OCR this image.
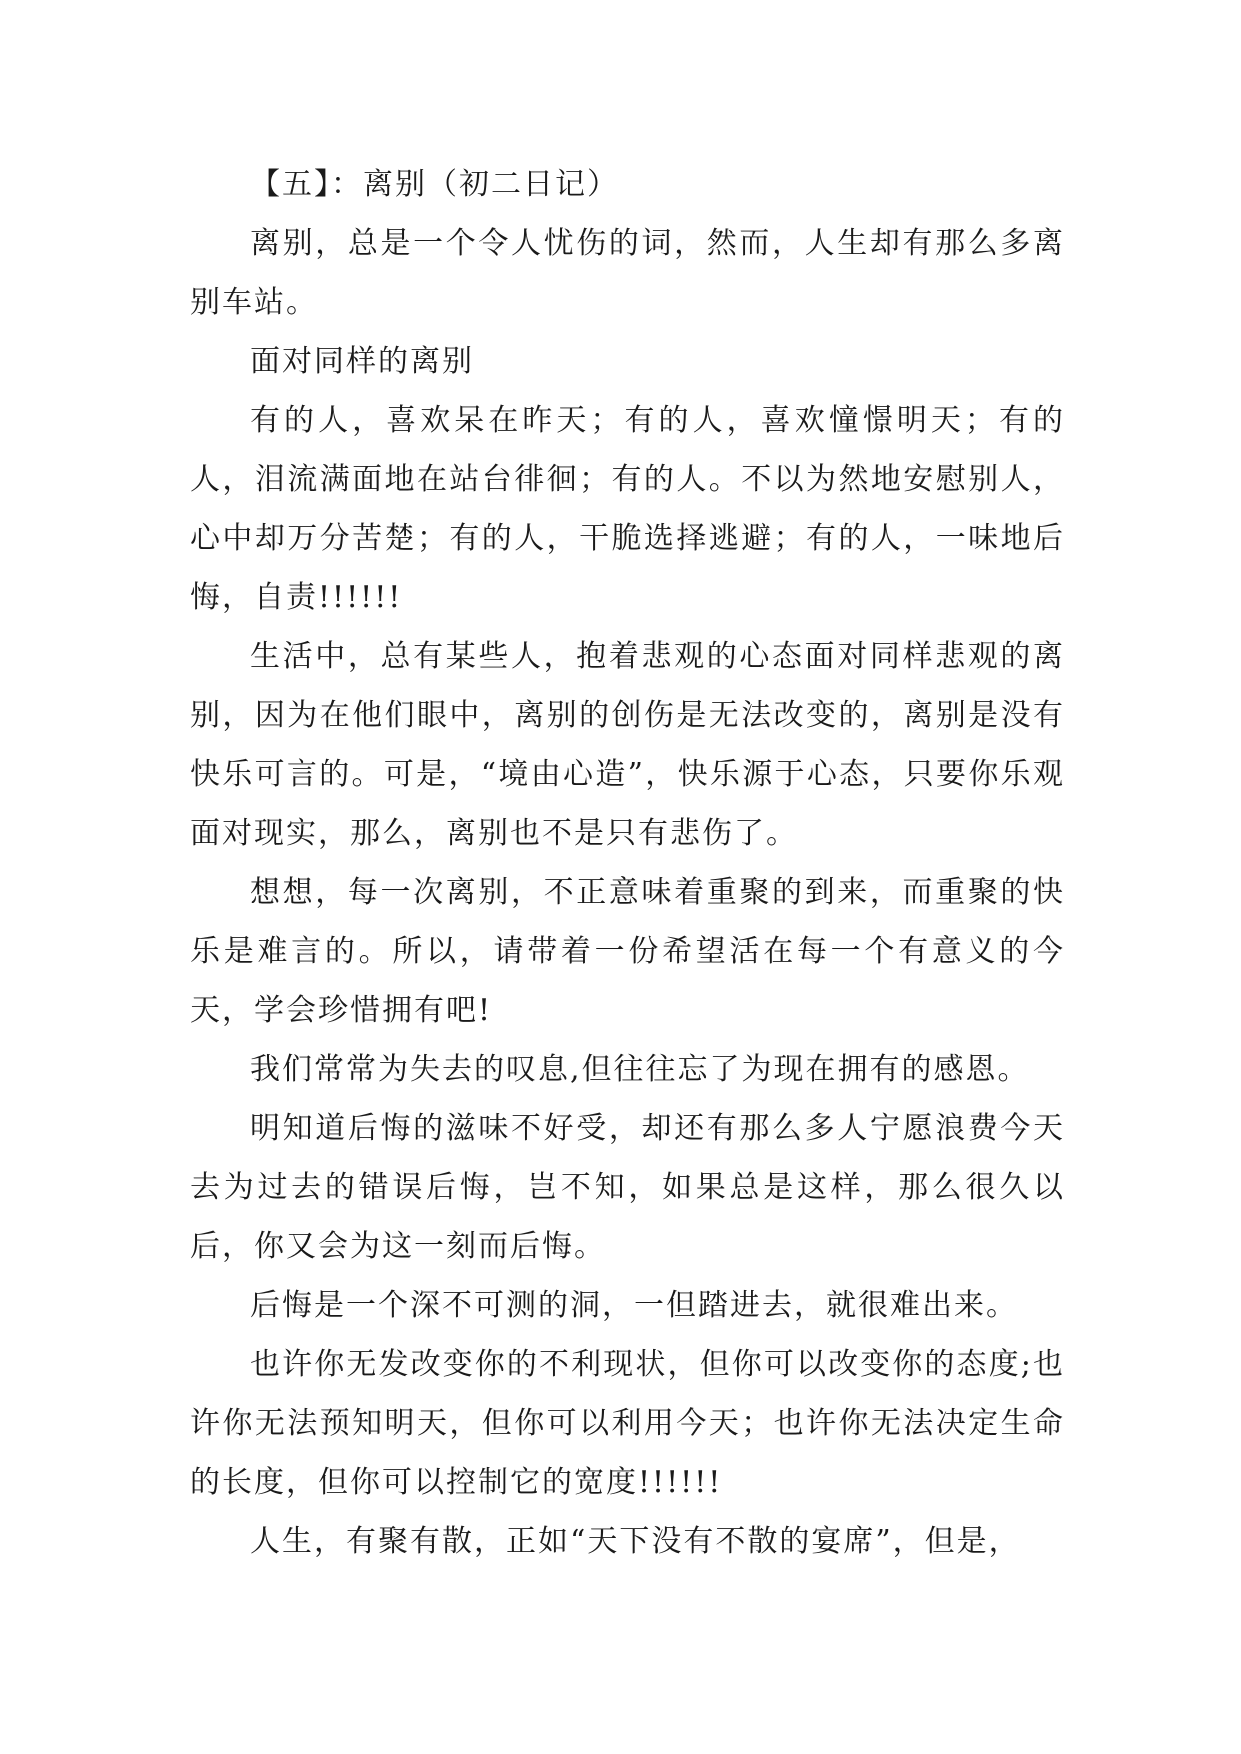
【五】：离别（初二日记）

离别，总是一个令人忧伤的词，然而，人生却有那么多离别车站。

面对同样的离别

有的人，喜欢呆在昨天；有的人，喜欢憧憬明天；有的人，泪流满面地在站台徘徊；有的人。不以为然地安慰别人，心中却万分苦楚；有的人，干脆选择逃避；有的人，一味地后悔，自责!!!!!!

生活中，总有某些人，抱着悲观的心态面对同样悲观的离别，因为在他们眼中，离别的创伤是无法改变的，离别是没有快乐可言的。可是，“境由心造”，快乐源于心态，只要你乐观面对现实，那么，离别也不是只有悲伤了。

想想，每一次离别，不正意味着重聚的到来，而重聚的快乐是难言的。所以，请带着一份希望活在每一个有意义的今天，学会珍惜拥有吧!

我们常常为失去的叹息,但往往忘了为现在拥有的感恩。

明知道后悔的滋味不好受，却还有那么多人宁愿浪费今天去为过去的错误后悔，岂不知，如果总是这样，那么很久以后，你又会为这一刻而后悔。

后悔是一个深不可测的洞，一但踏进去，就很难出来。

也许你无发改变你的不利现状，但你可以改变你的态度;也许你无法预知明天，但你可以利用今天；也许你无法决定生命的长度，但你可以控制它的宽度!!!!!!

人生，有聚有散，正如“天下没有不散的宴席”，但是，
